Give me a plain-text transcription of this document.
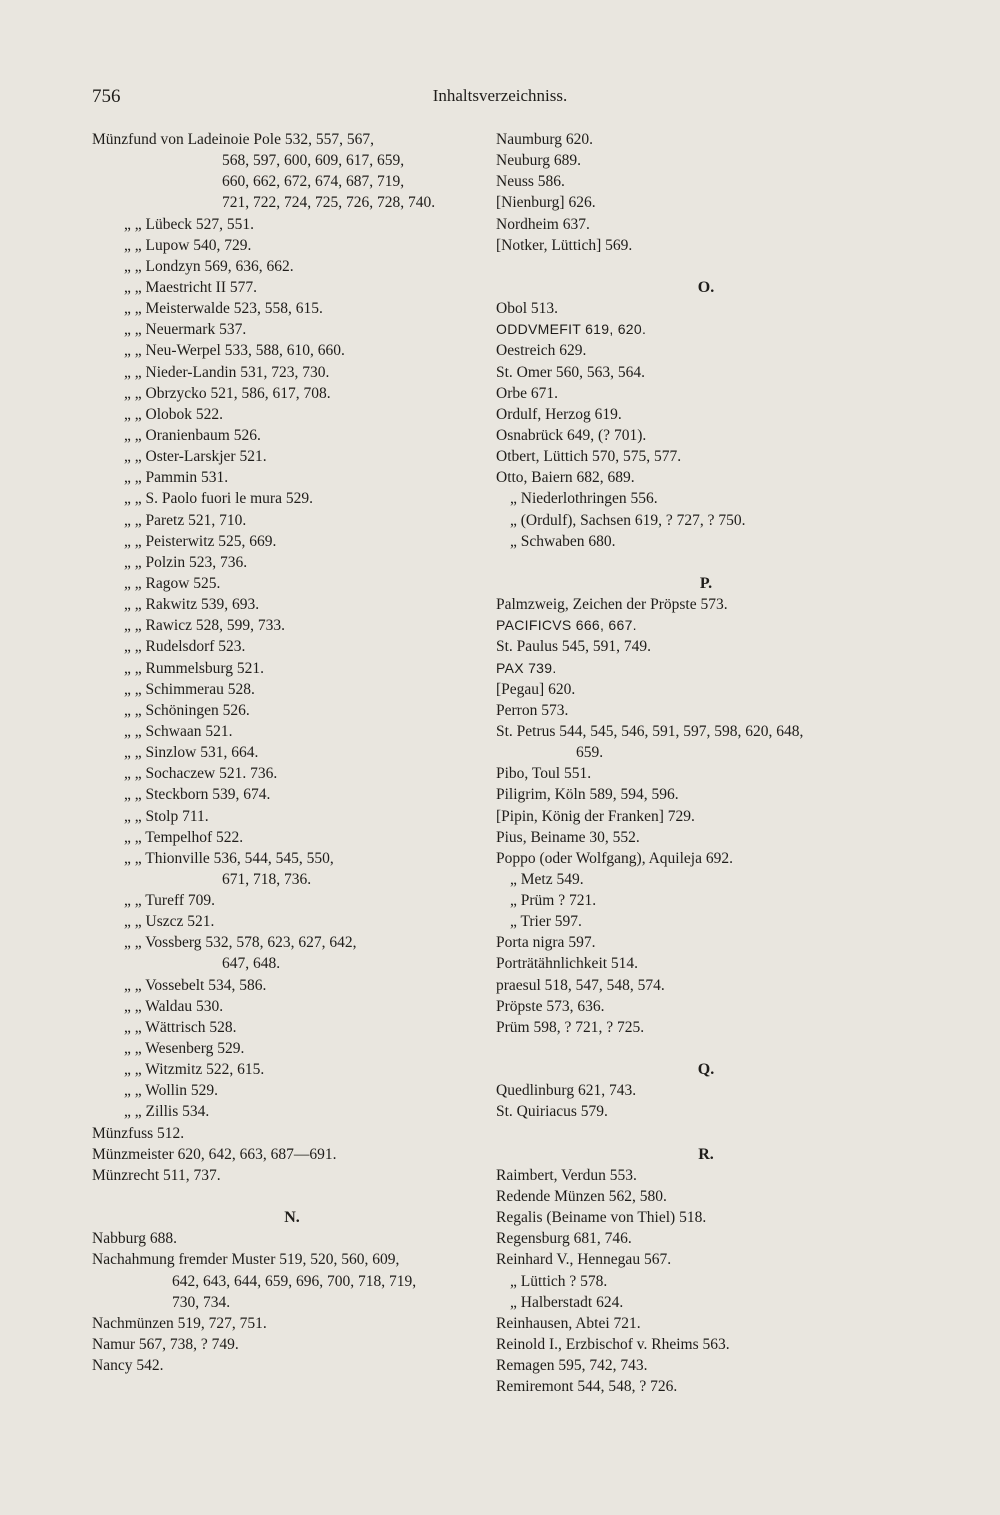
756	Inhaltsverzeichniss.
Münzfund von Ladeinoie Pole 532, 557, 567,
568, 597, 600, 609, 617, 659,
660, 662, 672, 674, 687, 719,
721, 722, 724, 725, 726, 728, 740.
„ „ Lübeck 527, 551.
„ „ Lupow 540, 729.
„ „ Londzyn 569, 636, 662.
„ „ Maestricht II 577.
„ „ Meisterwalde 523, 558, 615.
„ „ Neuermark 537.
„ „ Neu-Werpel 533, 588, 610, 660.
„ „ Nieder-Landin 531, 723, 730.
„ „ Obrzycko 521, 586, 617, 708.
„ „ Olobok 522.
„ „ Oranienbaum 526.
„ „ Oster-Larskjer 521.
„ „ Pammin 531.
„ „ S. Paolo fuori le mura 529.
„ „ Paretz 521, 710.
„ „ Peisterwitz 525, 669.
„ „ Polzin 523, 736.
„ „ Ragow 525.
„ „ Rakwitz 539, 693.
„ „ Rawicz 528, 599, 733.
„ „ Rudelsdorf 523.
„ „ Rummelsburg 521.
„ „ Schimmerau 528.
„ „ Schöningen 526.
„ „ Schwaan 521.
„ „ Sinzlow 531, 664.
„ „ Sochaczew 521. 736.
„ „ Steckborn 539, 674.
„ „ Stolp 711.
„ „ Tempelhof 522.
„ „ Thionville 536, 544, 545, 550,
671, 718, 736.
„ „ Tureff 709.
„ „ Uszcz 521.
„ „ Vossberg 532, 578, 623, 627, 642,
647, 648.
„ „ Vossebelt 534, 586.
„ „ Waldau 530.
„ „ Wättrisch 528.
„ „ Wesenberg 529.
„ „ Witzmitz 522, 615.
„ „ Wollin 529.
„ „ Zillis 534.
Münzfuss 512.
Münzmeister 620, 642, 663, 687—691.
Münzrecht 511, 737.
N.
Nabburg 688.
Nachahmung fremder Muster 519, 520, 560, 609,
642, 643, 644, 659, 696, 700, 718, 719,
730, 734.
Nachmünzen 519, 727, 751.
Namur 567, 738, ? 749.
Nancy 542.
Naumburg 620.
Neuburg 689.
Neuss 586.
[Nienburg] 626.
Nordheim 637.
[Notker, Lüttich] 569.
O.
Obol 513.
ODDVMEFIT 619, 620.
Oestreich 629.
St. Omer 560, 563, 564.
Orbe 671.
Ordulf, Herzog 619.
Osnabrück 649, (? 701).
Otbert, Lüttich 570, 575, 577.
Otto, Baiern 682, 689.
„ Niederlothringen 556.
„ (Ordulf), Sachsen 619, ? 727, ? 750.
„ Schwaben 680.
P.
Palmzweig, Zeichen der Pröpste 573.
PACIFICVS 666, 667.
St. Paulus 545, 591, 749.
PAX 739.
[Pegau] 620.
Perron 573.
St. Petrus 544, 545, 546, 591, 597, 598, 620, 648,
659.
Pibo, Toul 551.
Piligrim, Köln 589, 594, 596.
[Pipin, König der Franken] 729.
Pius, Beiname 30, 552.
Poppo (oder Wolfgang), Aquileja 692.
„ Metz 549.
„ Prüm ? 721.
„ Trier 597.
Porta nigra 597.
Porträtähnlichkeit 514.
praesul 518, 547, 548, 574.
Pröpste 573, 636.
Prüm 598, ? 721, ? 725.
Q.
Quedlinburg 621, 743.
St. Quiriacus 579.
R.
Raimbert, Verdun 553.
Redende Münzen 562, 580.
Regalis (Beiname von Thiel) 518.
Regensburg 681, 746.
Reinhard V., Hennegau 567.
„ Lüttich ? 578.
„ Halberstadt 624.
Reinhausen, Abtei 721.
Reinold I., Erzbischof v. Rheims 563.
Remagen 595, 742, 743.
Remiremont 544, 548, ? 726.
